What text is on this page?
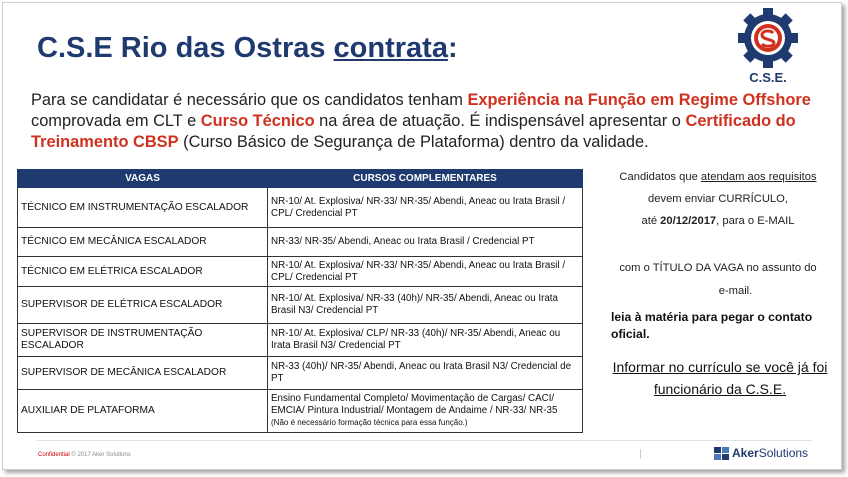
C.S.E Rio das Ostras contrata:
C.S.E.
Para se candidatar é necessário que os candidatos tenham Experiência na Função em Regime Offshore comprovada em CLT e Curso Técnico na área de atuação. É indispensável apresentar o Certificado do Treinamento CBSP (Curso Básico de Segurança de Plataforma) dentro da validade.
VAGAS	CURSOS COMPLEMENTARES
TÉCNICO EM INSTRUMENTAÇÃO ESCALADOR	NR-10/ At. Explosiva/ NR-33/ NR-35/ Abendi, Aneac ou Irata Brasil / CPL/ Credencial PT
TÉCNICO EM MECÂNICA ESCALADOR	NR-33/ NR-35/ Abendi, Aneac ou Irata Brasil / Credencial PT
TÉCNICO EM ELÉTRICA ESCALADOR	NR-10/ At. Explosiva/ NR-33/ NR-35/ Abendi, Aneac ou Irata Brasil / CPL/ Credencial PT
SUPERVISOR DE ELÉTRICA ESCALADOR	NR-10/ At. Explosiva/ NR-33 (40h)/ NR-35/ Abendi, Aneac ou Irata Brasil N3/ Credencial PT
SUPERVISOR DE INSTRUMENTAÇÃO ESCALADOR	NR-10/ At. Explosiva/ CLP/ NR-33 (40h)/ NR-35/ Abendi, Aneac ou Irata Brasil N3/ Credencial PT
SUPERVISOR DE MECÂNICA ESCALADOR	NR-33 (40h)/ NR-35/ Abendi, Aneac ou Irata Brasil N3/ Credencial de PT
AUXILIAR DE PLATAFORMA	Ensino Fundamental Completo/ Movimentação de Cargas/ CACI/ EMCIA/ Pintura Industrial/ Montagem de Andaime / NR-33/ NR-35
(Não é necessário formação técnica para essa função.)

Candidatos que atendam aos requisitos

devem enviar CURRÍCULO,

até 20/12/2017, para o E-MAIL

com o TÍTULO DA VAGA no assunto do

e-mail.

leia à matéria para pegar o contato oficial.
Informar no currículo se você já foi funcionário da C.S.E.
Confidential © 2017 Aker Solutions	AkerSolutions
